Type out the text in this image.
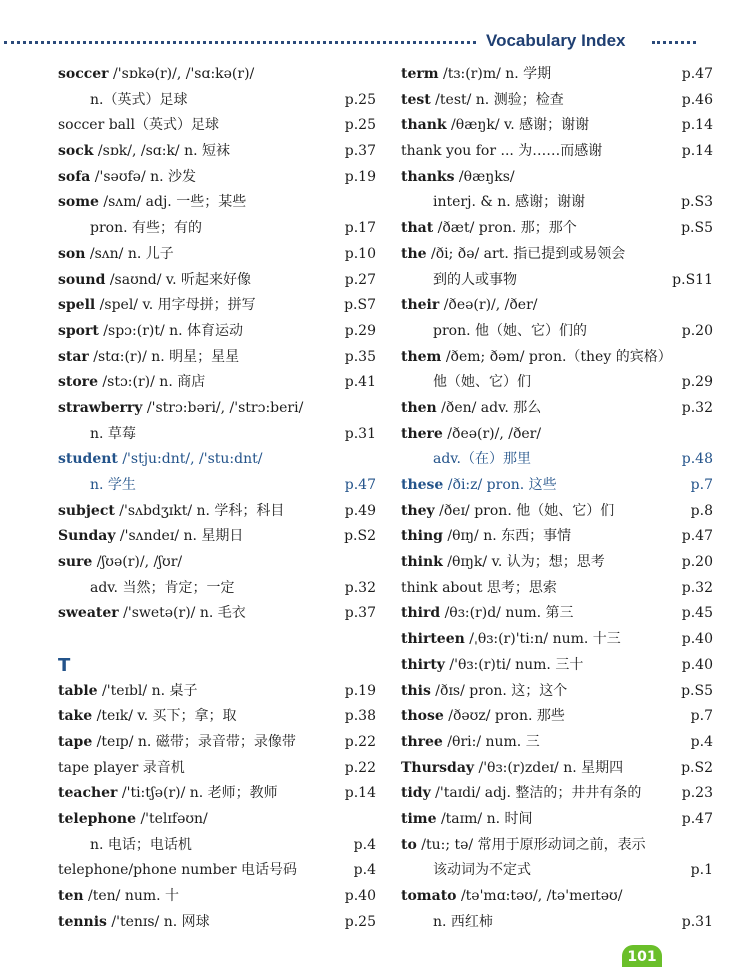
Vocabulary Index
soccer /'sɒkə(r)/, /'sɑ:kə(r)/
n.（英式）足球	p.25
soccer ball（英式）足球	p.25
sock /sɒk/, /sɑ:k/ n. 短袜	p.37
sofa /'səʊfə/ n. 沙发	p.19
some /sʌm/ adj. 一些；某些
pron. 有些；有的	p.17
son /sʌn/ n. 儿子	p.10
sound /saʊnd/ v. 听起来好像	p.27
spell /spel/ v. 用字母拼；拼写	p.S7
sport /spɔ:(r)t/ n. 体育运动	p.29
star /stɑ:(r)/ n. 明星；星星	p.35
store /stɔ:(r)/ n. 商店	p.41
strawberry /'strɔ:bəri/, /'strɔ:beri/
n. 草莓	p.31
student /'stju:dnt/, /'stu:dnt/
n. 学生	p.47
subject /'sʌbdʒɪkt/ n. 学科；科目	p.49
Sunday /'sʌndeɪ/ n. 星期日	p.S2
sure /ʃʊə(r)/, /ʃʊr/
adv. 当然；肯定；一定	p.32
sweater /'swetə(r)/ n. 毛衣	p.37
T
table /'teɪbl/ n. 桌子	p.19
take /teɪk/ v. 买下；拿；取	p.38
tape /teɪp/ n. 磁带；录音带；录像带	p.22
tape player 录音机	p.22
teacher /'ti:tʃə(r)/ n. 老师；教师	p.14
telephone /'telɪfəʊn/
n. 电话；电话机	p.4
telephone/phone number 电话号码	p.4
ten /ten/ num. 十	p.40
tennis /'tenɪs/ n. 网球	p.25
term /tɜ:(r)m/ n. 学期	p.47
test /test/ n. 测验；检查	p.46
thank /θæŋk/ v. 感谢；谢谢	p.14
thank you for ... 为……而感谢	p.14
thanks /θæŋks/
interj. & n. 感谢；谢谢	p.S3
that /ðæt/ pron. 那；那个	p.S5
the /ði; ðə/ art. 指已提到或易领会
到的人或事物	p.S11
their /ðeə(r)/, /ðer/
pron. 他（她、它）们的	p.20
them /ðem; ðəm/ pron.（they 的宾格）
他（她、它）们	p.29
then /ðen/ adv. 那么	p.32
there /ðeə(r)/, /ðer/
adv.（在）那里	p.48
these /ði:z/ pron. 这些	p.7
they /ðeɪ/ pron. 他（她、它）们	p.8
thing /θɪŋ/ n. 东西；事情	p.47
think /θɪŋk/ v. 认为；想；思考	p.20
think about 思考；思索	p.32
third /θɜ:(r)d/ num. 第三	p.45
thirteen /ˌθɜ:(r)'ti:n/ num. 十三	p.40
thirty /'θɜ:(r)ti/ num. 三十	p.40
this /ðɪs/ pron. 这；这个	p.S5
those /ðəʊz/ pron. 那些	p.7
three /θri:/ num. 三	p.4
Thursday /'θɜ:(r)zdeɪ/ n. 星期四	p.S2
tidy /'taɪdi/ adj. 整洁的；井井有条的	p.23
time /taɪm/ n. 时间	p.47
to /tu:; tə/ 常用于原形动词之前，表示
该动词为不定式	p.1
tomato /tə'mɑ:təʊ/, /tə'meɪtəʊ/
n. 西红柿	p.31
101
